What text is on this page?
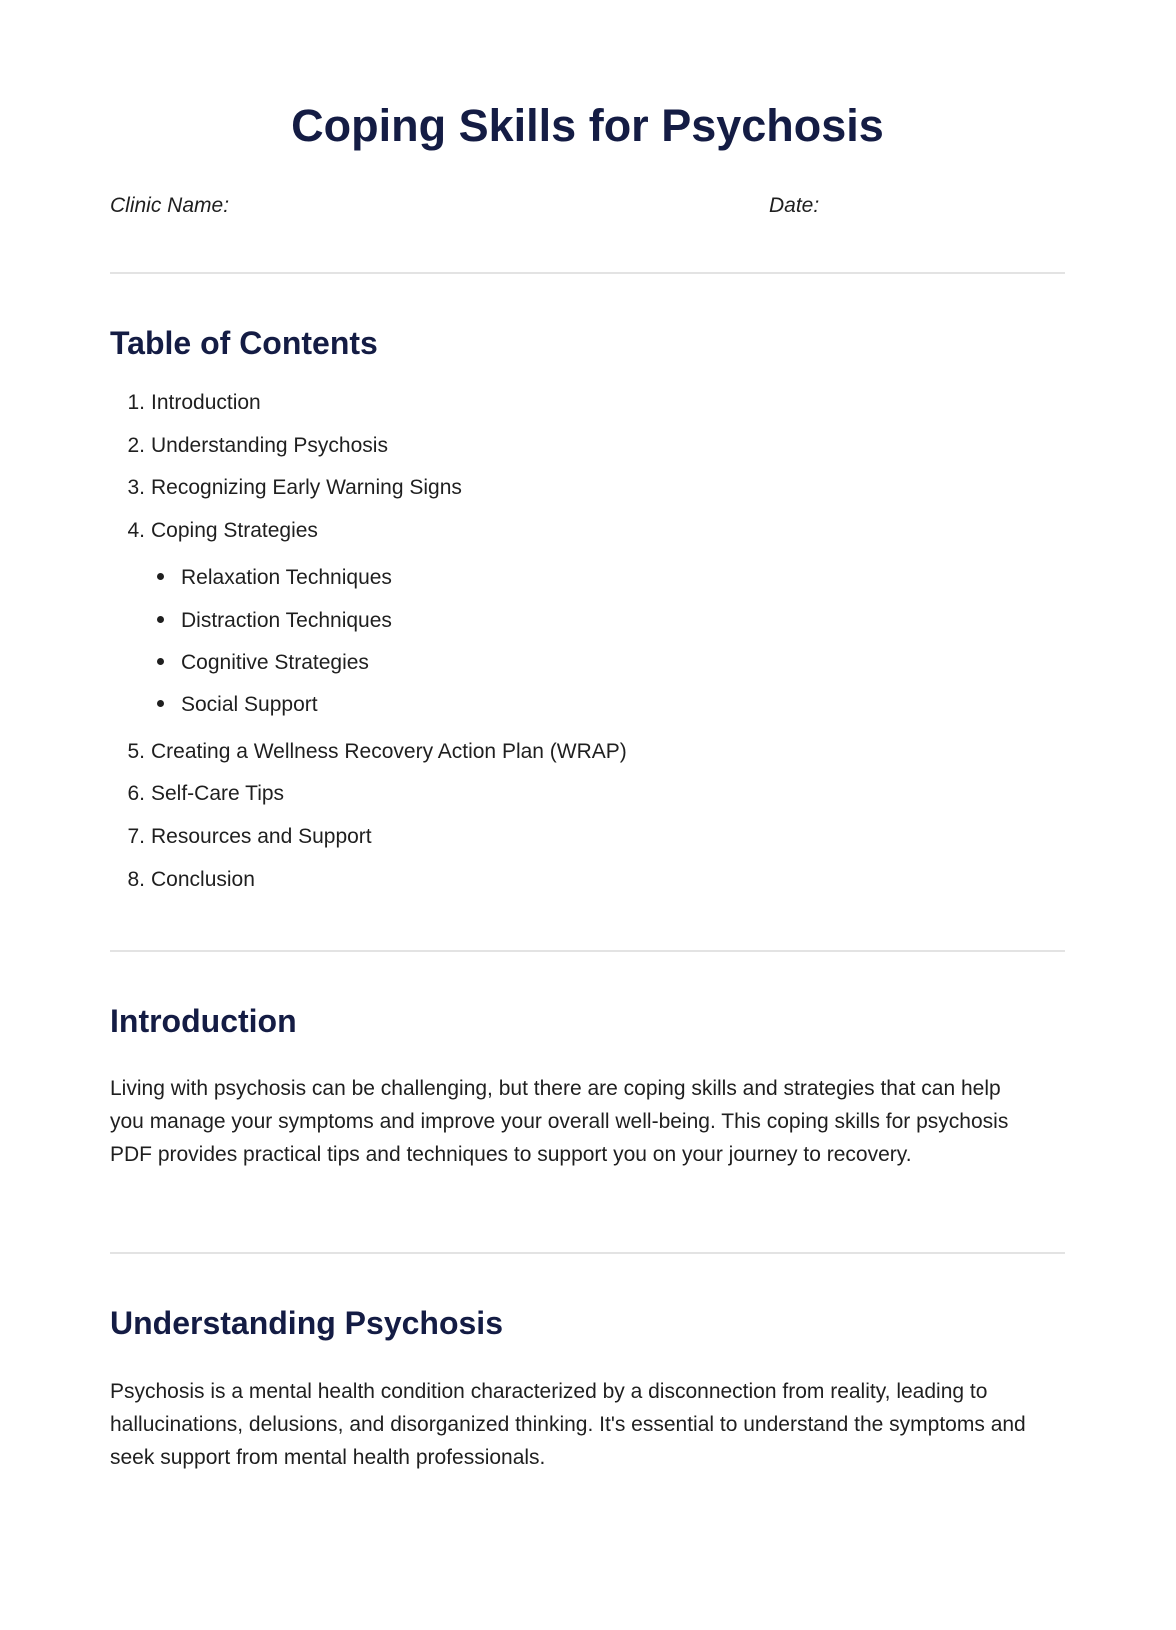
Coping Skills for Psychosis
Clinic Name:	Date:
Table of Contents
1. Introduction
2. Understanding Psychosis
3. Recognizing Early Warning Signs
4. Coping Strategies
Relaxation Techniques
Distraction Techniques
Cognitive Strategies
Social Support
5. Creating a Wellness Recovery Action Plan (WRAP)
6. Self-Care Tips
7. Resources and Support
8. Conclusion
Introduction

Living with psychosis can be challenging, but there are coping skills and strategies that can help you manage your symptoms and improve your overall well-being. This coping skills for psychosis PDF provides practical tips and techniques to support you on your journey to recovery.

Understanding Psychosis

Psychosis is a mental health condition characterized by a disconnection from reality, leading to hallucinations, delusions, and disorganized thinking. It's essential to understand the symptoms and seek support from mental health professionals.
